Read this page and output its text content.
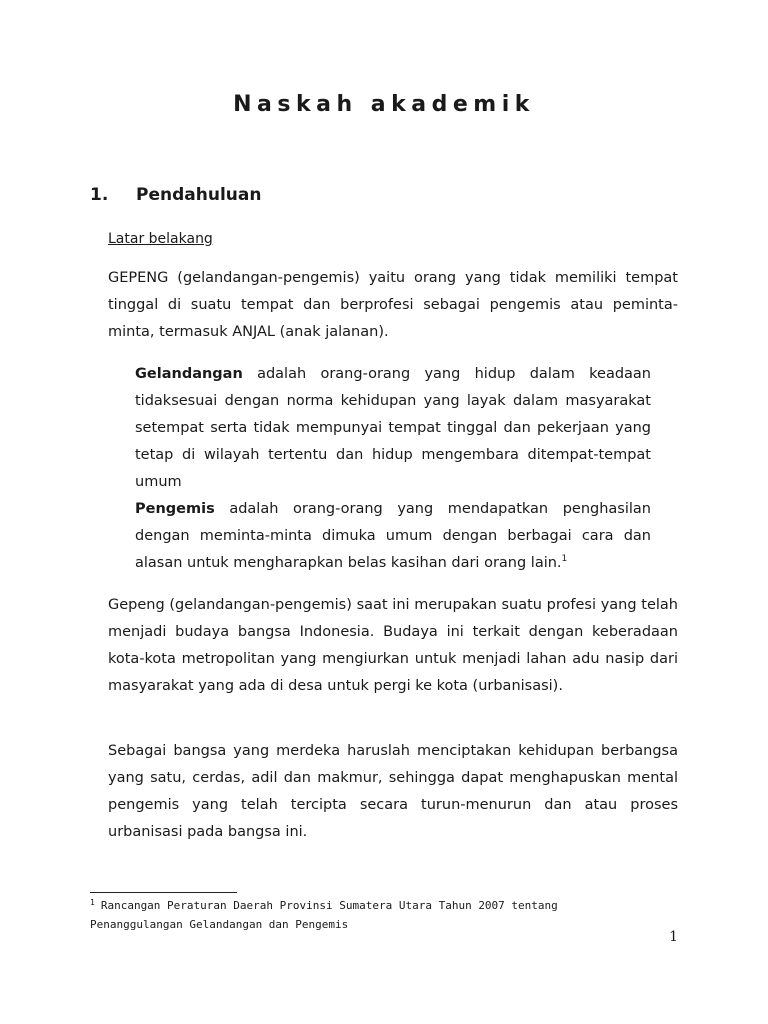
Naskah akademik
1. Pendahuluan
Latar belakang

GEPENG (gelandangan-pengemis) yaitu orang yang tidak memiliki tempat tinggal di suatu tempat dan berprofesi sebagai pengemis atau peminta-minta, termasuk ANJAL (anak jalanan).

Gelandangan adalah orang-orang yang hidup dalam keadaan tidaksesuai dengan norma kehidupan yang layak dalam masyarakat setempat serta tidak mempunyai tempat tinggal dan pekerjaan yang tetap di wilayah tertentu dan hidup mengembara ditempat-tempat umum

Pengemis adalah orang-orang yang mendapatkan penghasilan dengan meminta-minta dimuka umum dengan berbagai cara dan alasan untuk mengharapkan belas kasihan dari orang lain.$^1$

Gepeng (gelandangan-pengemis) saat ini merupakan suatu profesi yang telah menjadi budaya bangsa Indonesia. Budaya ini terkait dengan keberadaan kota-kota metropolitan yang mengiurkan untuk menjadi lahan adu nasip dari masyarakat yang ada di desa untuk pergi ke kota (urbanisasi).

Sebagai bangsa yang merdeka haruslah menciptakan kehidupan berbangsa yang satu, cerdas, adil dan makmur, sehingga dapat menghapuskan mental pengemis yang telah tercipta secara turun-menurun dan atau proses urbanisasi pada bangsa ini.

$^1$ Rancangan Peraturan Daerah Provinsi Sumatera Utara Tahun 2007 tentang Penanggulangan Gelandangan dan Pengemis

1
